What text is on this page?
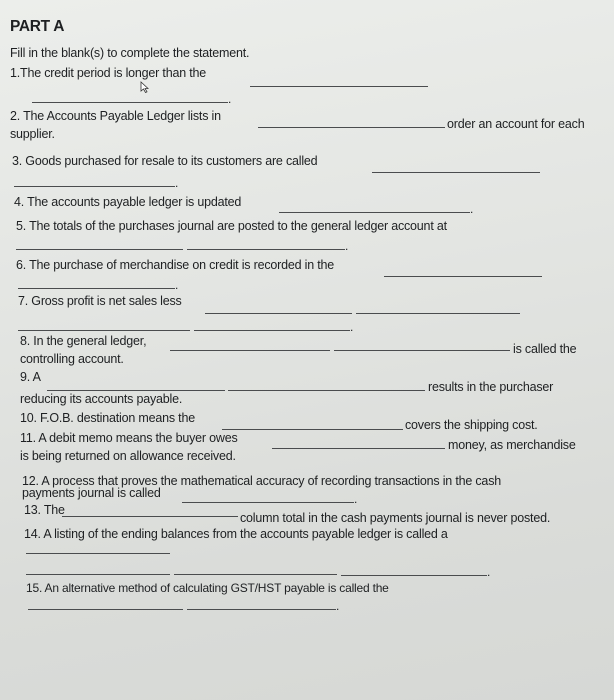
PART A
Fill in the blank(s) to complete the statement.
1.The credit period is longer than the
.
2. The Accounts Payable Ledger lists in
order an account for each
supplier.
3. Goods purchased for resale to its customers are called
.
4. The accounts payable ledger is updated	.
5. The totals of the purchases journal are posted to the general ledger account at
.
6. The purchase of merchandise on credit is recorded in the
.
7. Gross profit is net sales less
.
8. In the general ledger,
is called the
controlling account.
9. A
results in the purchaser
reducing its accounts payable.
10. F.O.B. destination means the	covers the shipping cost.
11. A debit memo means the buyer owes	money, as merchandise
is being returned on allowance received.
12. A process that proves the mathematical accuracy of recording transactions in the cash
payments journal is called	.
13. The
column total in the cash payments journal is never posted.
14. A listing of the ending balances from the accounts payable ledger is called a
.
15. An alternative method of calculating GST/HST payable is called the
.
